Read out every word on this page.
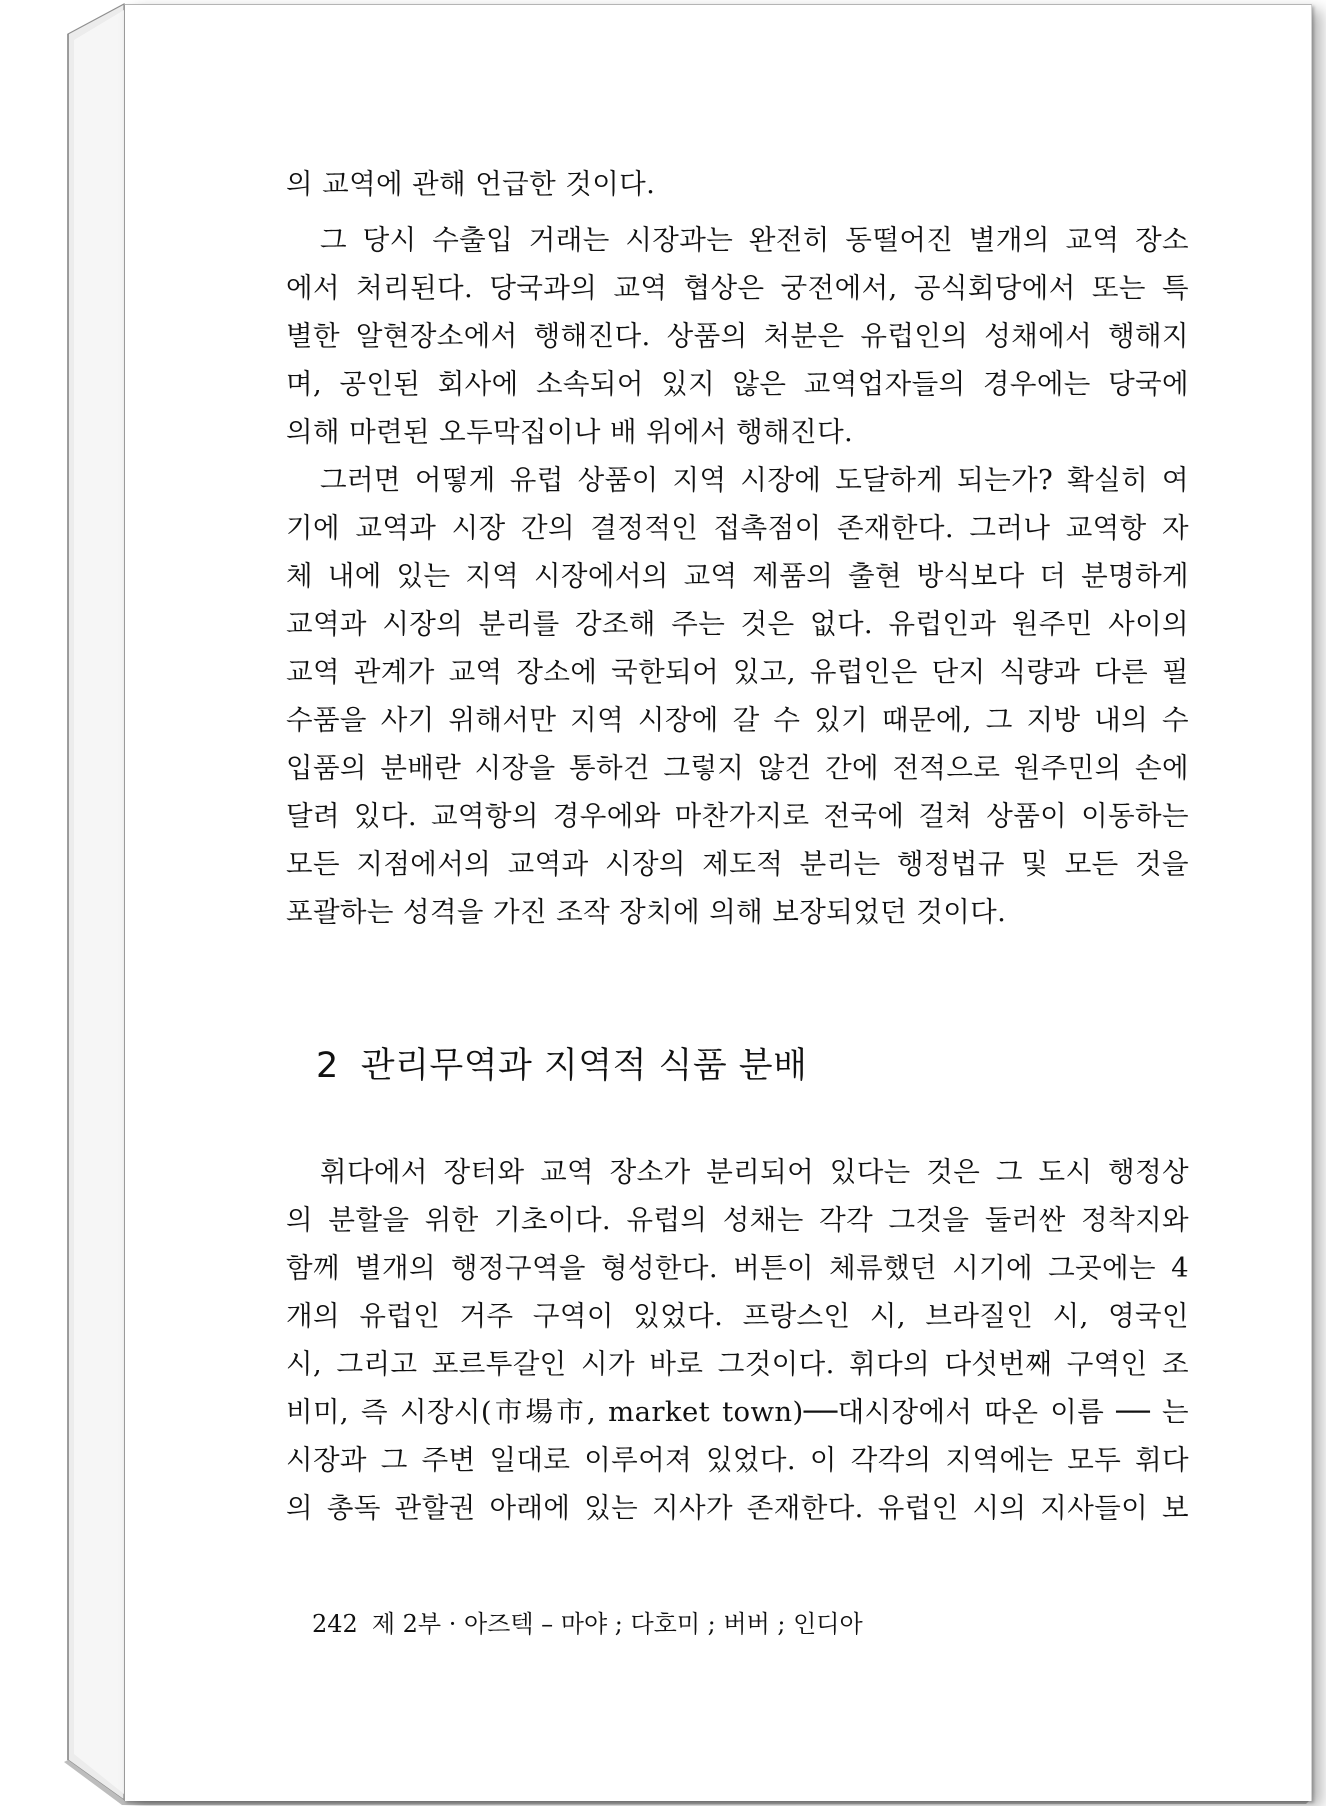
의 교역에 관해 언급한 것이다.
그 당시 수출입 거래는 시장과는 완전히 동떨어진 별개의 교역 장소
에서 처리된다. 당국과의 교역 협상은 궁전에서, 공식회당에서 또는 특
별한 알현장소에서 행해진다. 상품의 처분은 유럽인의 성채에서 행해지
며, 공인된 회사에 소속되어 있지 않은 교역업자들의 경우에는 당국에
의해 마련된 오두막집이나 배 위에서 행해진다.
그러면 어떻게 유럽 상품이 지역 시장에 도달하게 되는가? 확실히 여
기에 교역과 시장 간의 결정적인 접촉점이 존재한다. 그러나 교역항 자
체 내에 있는 지역 시장에서의 교역 제품의 출현 방식보다 더 분명하게
교역과 시장의 분리를 강조해 주는 것은 없다. 유럽인과 원주민 사이의
교역 관계가 교역 장소에 국한되어 있고, 유럽인은 단지 식량과 다른 필
수품을 사기 위해서만 지역 시장에 갈 수 있기 때문에, 그 지방 내의 수
입품의 분배란 시장을 통하건 그렇지 않건 간에 전적으로 원주민의 손에
달려 있다. 교역항의 경우에와 마찬가지로 전국에 걸쳐 상품이 이동하는
모든 지점에서의 교역과 시장의 제도적 분리는 행정법규 및 모든 것을
포괄하는 성격을 가진 조작 장치에 의해 보장되었던 것이다.
2 관리무역과 지역적 식품 분배
휘다에서 장터와 교역 장소가 분리되어 있다는 것은 그 도시 행정상
의 분할을 위한 기초이다. 유럽의 성채는 각각 그것을 둘러싼 정착지와
함께 별개의 행정구역을 형성한다. 버튼이 체류했던 시기에 그곳에는 4
개의 유럽인 거주 구역이 있었다. 프랑스인 시, 브라질인 시, 영국인
시, 그리고 포르투갈인 시가 바로 그것이다. 휘다의 다섯번째 구역인 조
비미, 즉 시장시(市場市, market town)──대시장에서 따온 이름 ── 는
시장과 그 주변 일대로 이루어져 있었다. 이 각각의 지역에는 모두 휘다
의 총독 관할권 아래에 있는 지사가 존재한다. 유럽인 시의 지사들이 보
242 제 2부 · 아즈텍 – 마야 ; 다호미 ; 버버 ; 인디아
